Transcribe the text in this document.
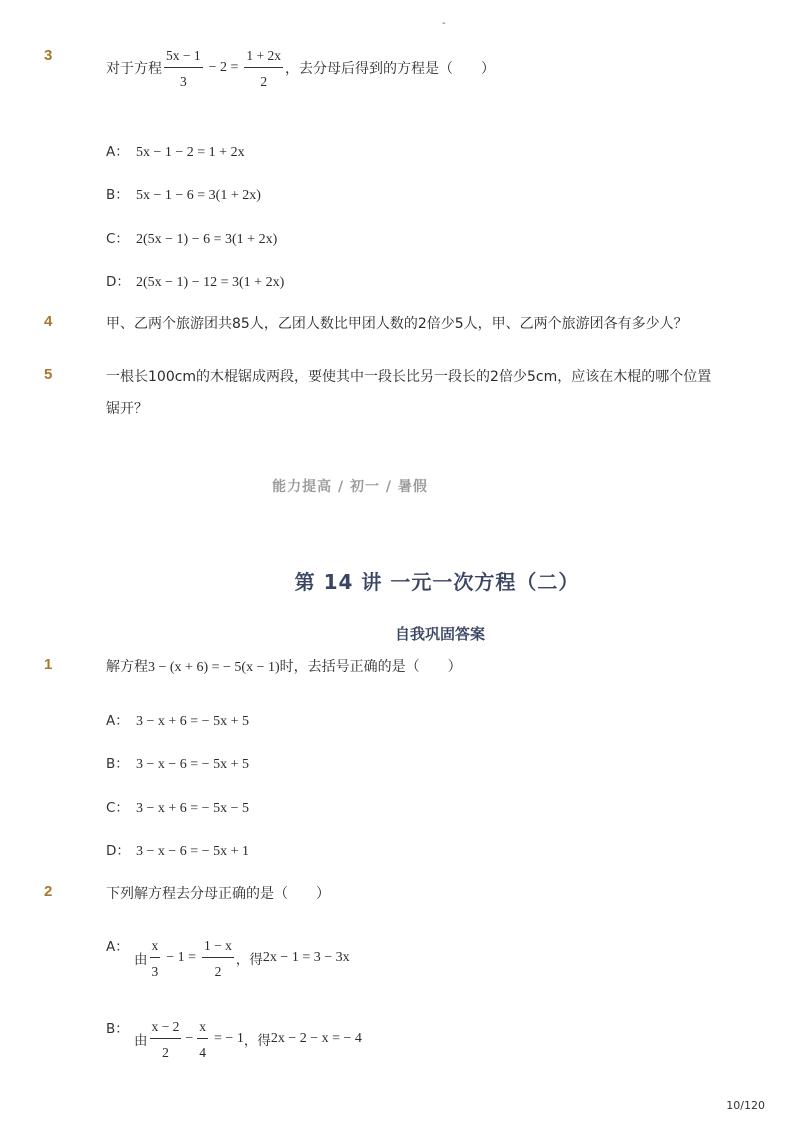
-
3
对于方程 $\frac{5x - 1}{3} - 2 = \frac{1 + 2x}{2}$ ，去分母后得到的方程是（　　）
A： 5x − 1 − 2 = 1 + 2x
B： 5x − 1 − 6 = 3(1 + 2x)
C： 2(5x − 1) − 6 = 3(1 + 2x)
D： 2(5x − 1) − 12 = 3(1 + 2x)
4	甲、乙两个旅游团共85人，乙团人数比甲团人数的2倍少5人，甲、乙两个旅游团各有多少人？
5	一根长100cm的木棍锯成两段，要使其中一段长比另一段长的2倍少5cm，应该在木棍的哪个位置
锯开？
能力提高 / 初一 / 暑假
第 14 讲 一元一次方程（二）
自我巩固答案
1	解方程3 − (x + 6) = − 5(x − 1)时，去括号正确的是（　　）
A： 3 − x + 6 = − 5x + 5
B： 3 − x − 6 = − 5x + 5
C： 3 − x + 6 = − 5x − 5
D： 3 − x − 6 = − 5x + 1
2	下列解方程去分母正确的是（　　）
A：
由 $\frac{x}{3} - 1 = \frac{1 - x}{2}$ ，得2x − 1 = 3 − 3x
B：
由 $\frac{x - 2}{2} - \frac{x}{4}$ = − 1，得2x − 2 − x = − 4
10/120
